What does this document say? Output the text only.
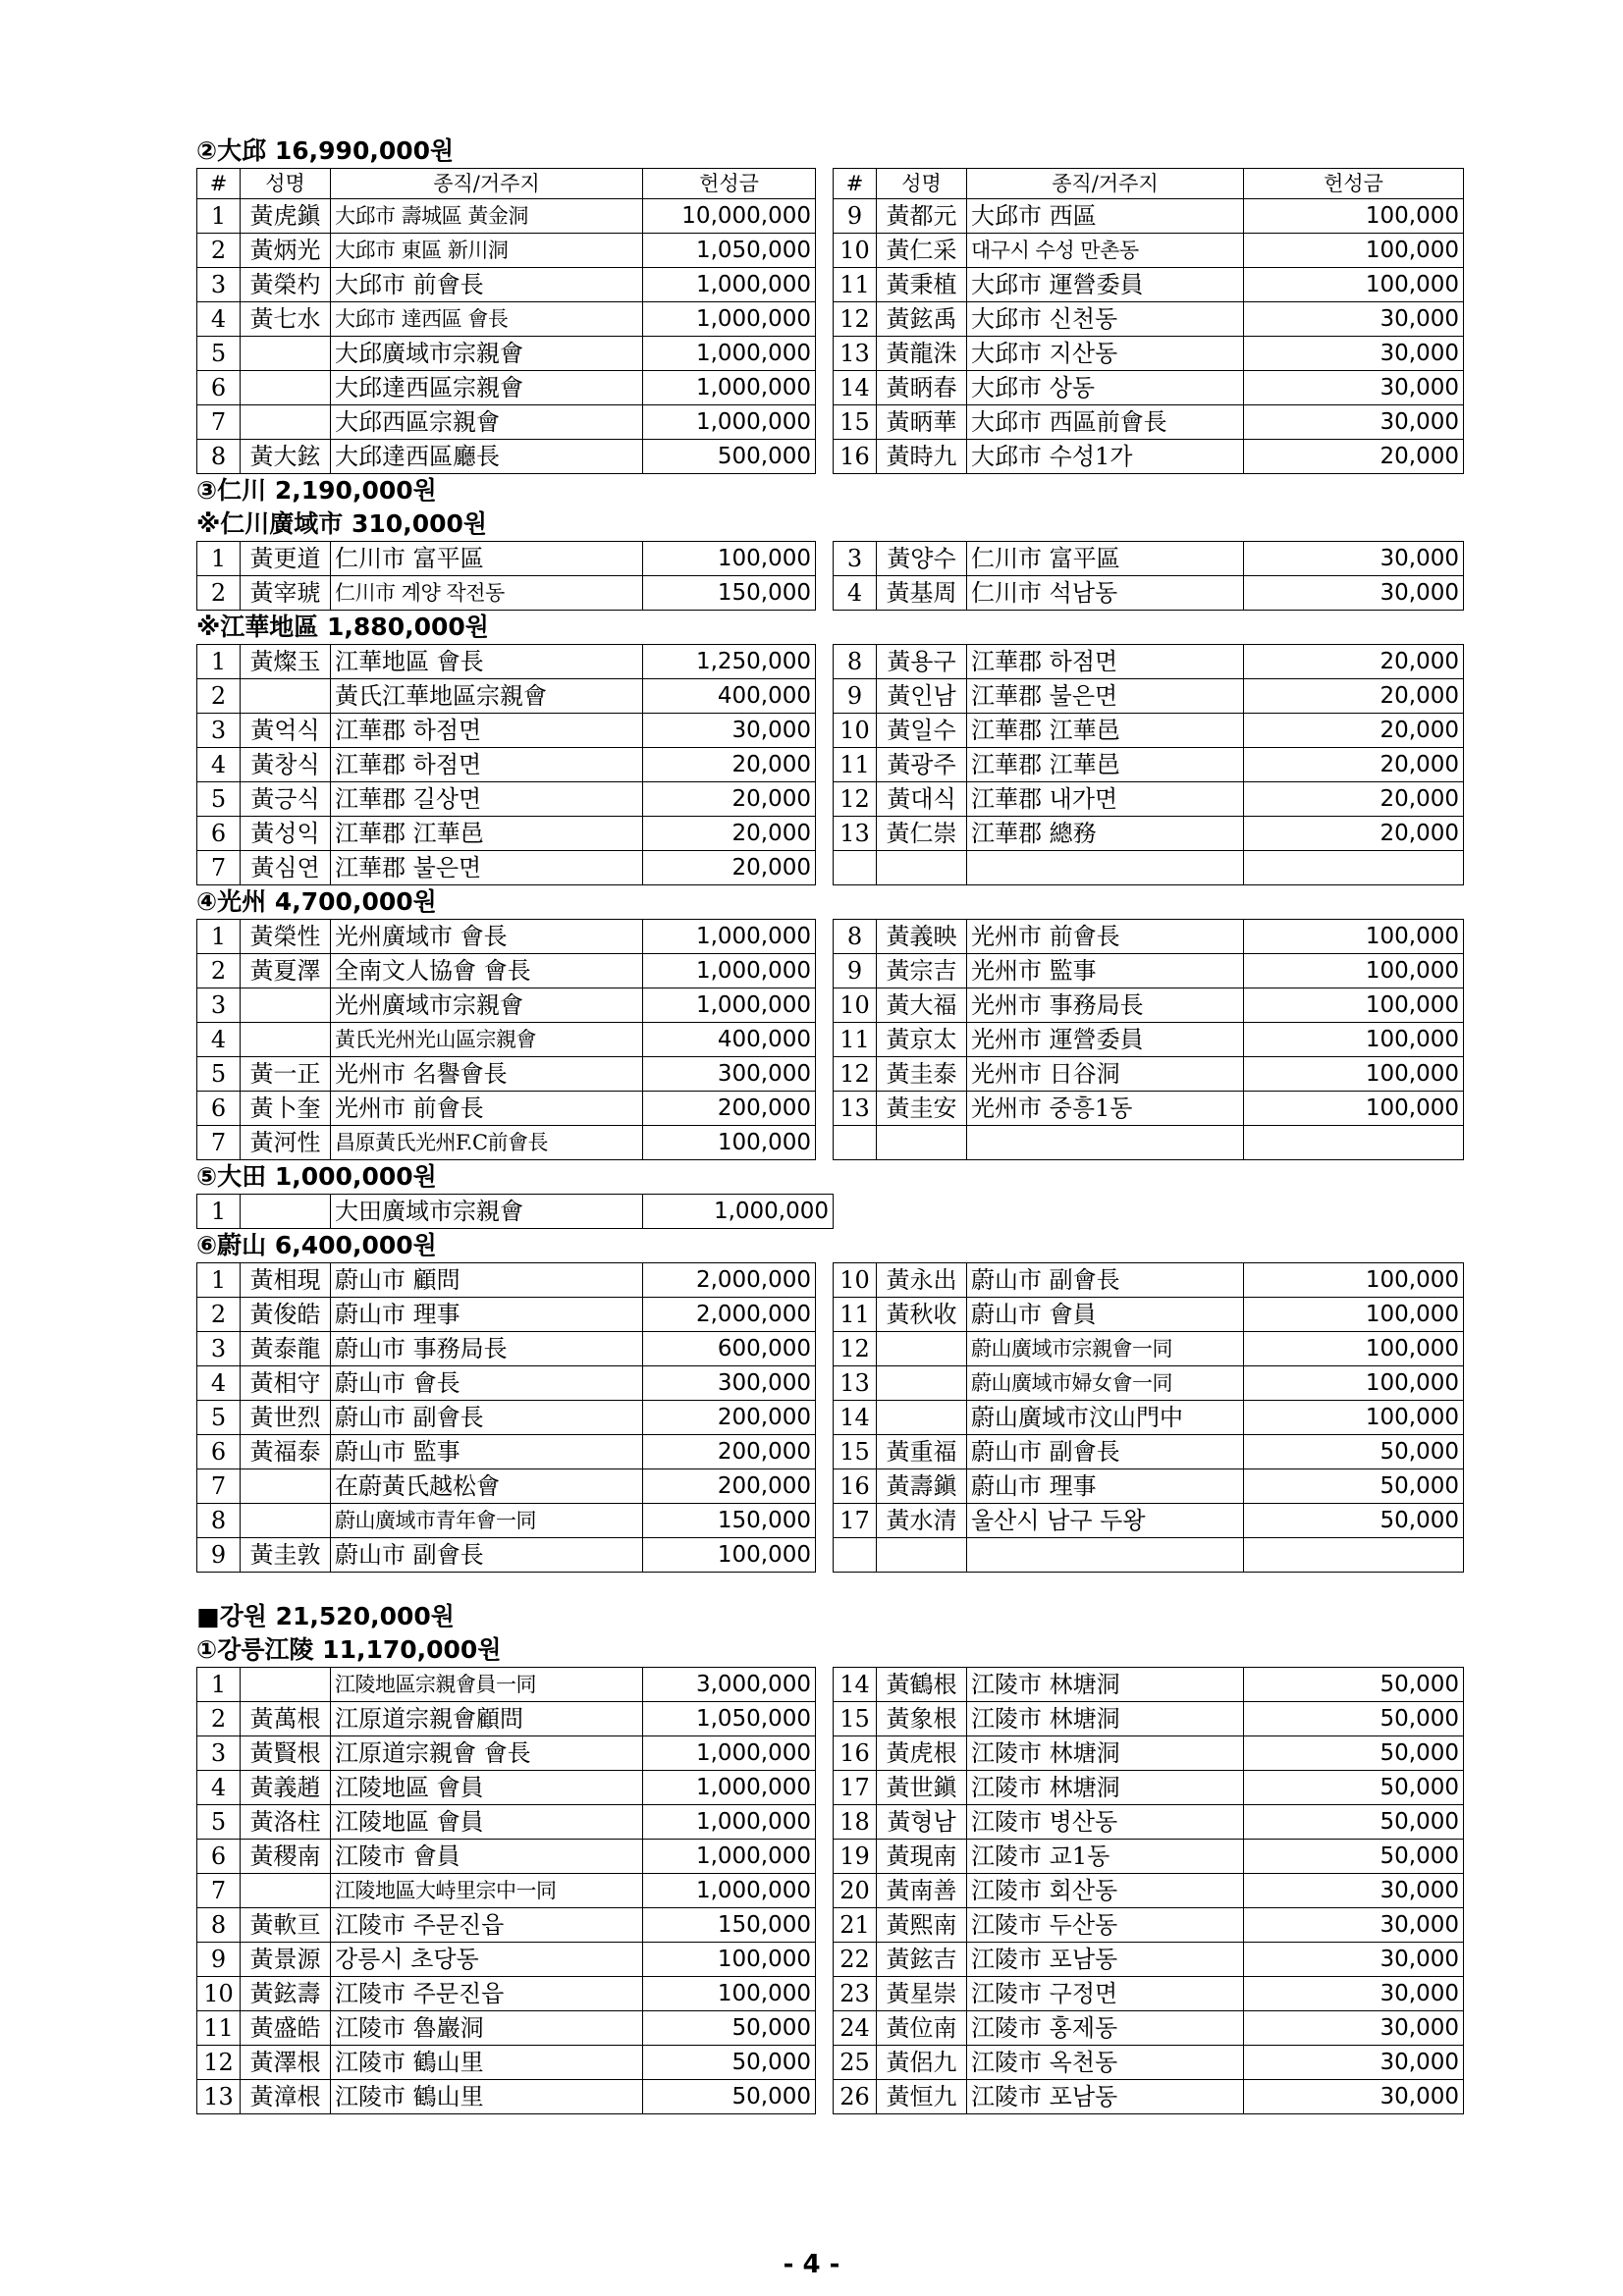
②大邱 16,990,000원
#	성명	종직/거주지	헌성금		#	성명	종직/거주지	헌성금
1	黃虎鎭	大邱市 壽城區 黃金洞	10,000,000		9	黃都元	大邱市 西區	100,000
2	黃炳光	大邱市 東區 新川洞	1,050,000		10	黃仁采	대구시 수성 만촌동	100,000
3	黃榮杓	大邱市 前會長	1,000,000		11	黃秉植	大邱市 運營委員	100,000
4	黃七水	大邱市 達西區 會長	1,000,000		12	黃鉉禹	大邱市 신천동	30,000
5		大邱廣域市宗親會	1,000,000		13	黃龍洙	大邱市 지산동	30,000
6		大邱達西區宗親會	1,000,000		14	黃昞春	大邱市 상동	30,000
7		大邱西區宗親會	1,000,000		15	黃昞華	大邱市 西區前會長	30,000
8	黃大鉉	大邱達西區廳長	500,000		16	黃時九	大邱市 수성1가	20,000
③仁川 2,190,000원
※仁川廣域市 310,000원
1	黃更道	仁川市 富平區	100,000		3	黃양수	仁川市 富平區	30,000
2	黃宰琥	仁川市 계양 작전동	150,000		4	黃基周	仁川市 석남동	30,000
※江華地區 1,880,000원
1	黃燦玉	江華地區 會長	1,250,000		8	黃용구	江華郡 하점면	20,000
2		黃氏江華地區宗親會	400,000		9	黃인남	江華郡 불은면	20,000
3	黃억식	江華郡 하점면	30,000		10	黃일수	江華郡 江華邑	20,000
4	黃창식	江華郡 하점면	20,000		11	黃광주	江華郡 江華邑	20,000
5	黃긍식	江華郡 길상면	20,000		12	黃대식	江華郡 내가면	20,000
6	黃성익	江華郡 江華邑	20,000		13	黃仁崇	江華郡 總務	20,000
7	黃심연	江華郡 불은면	20,000					
④光州 4,700,000원
1	黃榮性	光州廣域市 會長	1,000,000		8	黃義映	光州市 前會長	100,000
2	黃夏澤	全南文人協會 會長	1,000,000		9	黃宗吉	光州市 監事	100,000
3		光州廣域市宗親會	1,000,000		10	黃大福	光州市 事務局長	100,000
4		黃氏光州光山區宗親會	400,000		11	黃京太	光州市 運營委員	100,000
5	黃一正	光州市 名譽會長	300,000		12	黃圭泰	光州市 日谷洞	100,000
6	黃卜奎	光州市 前會長	200,000		13	黃圭安	光州市 중흥1동	100,000
7	黃河性	昌原黃氏光州F.C前會長	100,000					
⑤大田 1,000,000원
1		大田廣域市宗親會	1,000,000
⑥蔚山 6,400,000원
1	黃相現	蔚山市 顧問	2,000,000		10	黃永出	蔚山市 副會長	100,000
2	黃俊皓	蔚山市 理事	2,000,000		11	黃秋收	蔚山市 會員	100,000
3	黃泰龍	蔚山市 事務局長	600,000		12		蔚山廣域市宗親會一同	100,000
4	黃相守	蔚山市 會長	300,000		13		蔚山廣域市婦女會一同	100,000
5	黃世烈	蔚山市 副會長	200,000		14		蔚山廣域市汶山門中	100,000
6	黃福泰	蔚山市 監事	200,000		15	黃重福	蔚山市 副會長	50,000
7		在蔚黃氏越松會	200,000		16	黃壽鎭	蔚山市 理事	50,000
8		蔚山廣域市青年會一同	150,000		17	黃水清	울산시 남구 두왕	50,000
9	黃圭敦	蔚山市 副會長	100,000					
■강원 21,520,000원
①강릉江陵 11,170,000원
1		江陵地區宗親會員一同	3,000,000		14	黃鶴根	江陵市 林塘洞	50,000
2	黃萬根	江原道宗親會顧問	1,050,000		15	黃象根	江陵市 林塘洞	50,000
3	黃賢根	江原道宗親會 會長	1,000,000		16	黃虎根	江陵市 林塘洞	50,000
4	黃義趙	江陵地區 會員	1,000,000		17	黃世鎭	江陵市 林塘洞	50,000
5	黃洛柱	江陵地區 會員	1,000,000		18	黃형남	江陵市 병산동	50,000
6	黃稷南	江陵市 會員	1,000,000		19	黃現南	江陵市 교1동	50,000
7		江陵地區大峙里宗中一同	1,000,000		20	黃南善	江陵市 회산동	30,000
8	黃軟亘	江陵市 주문진읍	150,000		21	黃熙南	江陵市 두산동	30,000
9	黃景源	강릉시 초당동	100,000		22	黃鉉吉	江陵市 포남동	30,000
10	黃鉉壽	江陵市 주문진읍	100,000		23	黃星崇	江陵市 구정면	30,000
11	黃盛皓	江陵市 魯巖洞	50,000		24	黃位南	江陵市 홍제동	30,000
12	黃澤根	江陵市 鶴山里	50,000		25	黃侶九	江陵市 옥천동	30,000
13	黃漳根	江陵市 鶴山里	50,000		26	黃恒九	江陵市 포남동	30,000
- 4 -
